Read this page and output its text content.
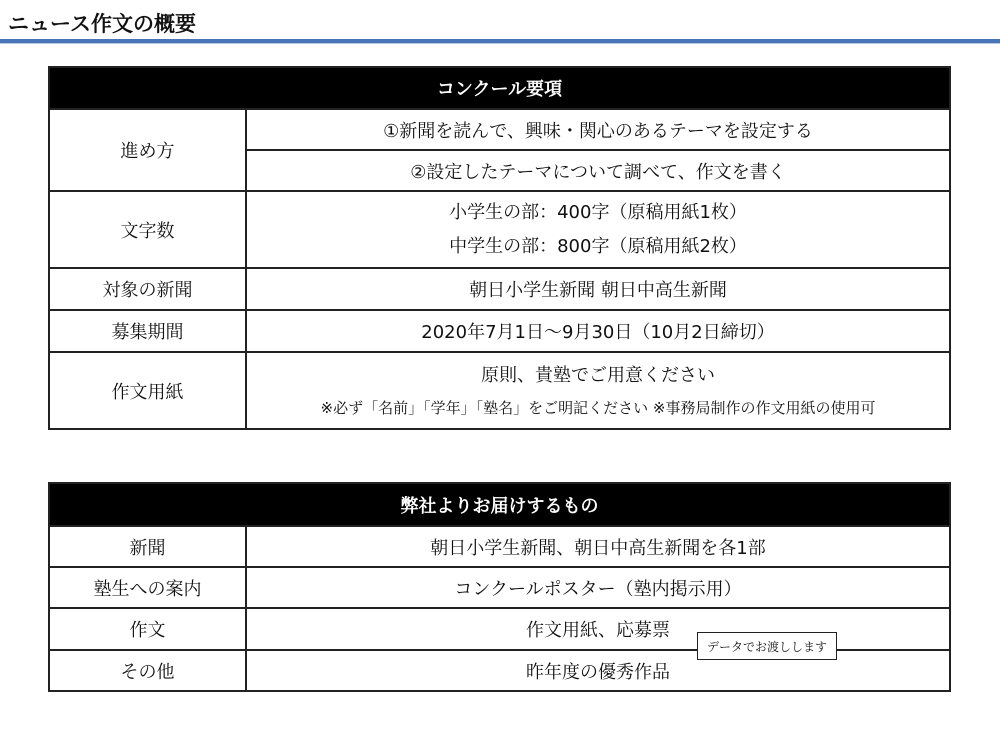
ニュース作文の概要
コンクール要項	
進め方	①新聞を読んで、興味・関心のあるテーマを設定する
	②設定したテーマについて調べて、作文を書く
文字数	小学生の部：400字（原稿用紙1枚）
中学生の部：800字（原稿用紙2枚）

対象の新聞	朝日小学生新聞 朝日中高生新聞
募集期間	2020年7月1日～9月30日（10月2日締切）
作文用紙	原則、貴塾でご用意ください
※必ず「名前」「学年」「塾名」をご明記ください ※事務局制作の作文用紙の使用可
弊社よりお届けするもの	
新聞	朝日小学生新聞、朝日中高生新聞を各1部
塾生への案内	コンクールポスター（塾内掲示用）
作文	作文用紙、応募票
その他	昨年度の優秀作品
データでお渡しします
